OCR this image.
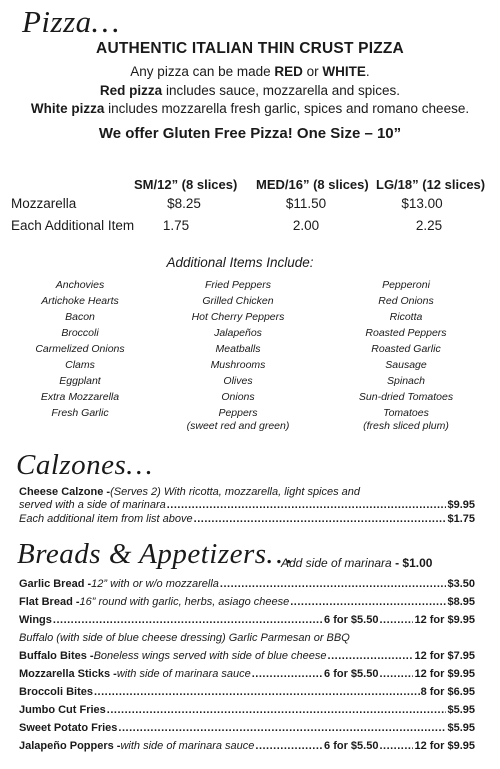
Pizza…
AUTHENTIC ITALIAN THIN CRUST PIZZA
Any pizza can be made RED or WHITE.
Red pizza includes sauce, mozzarella and spices.
White pizza includes mozzarella fresh garlic, spices and romano cheese.
We offer Gluten Free Pizza! One Size – 10”
SM/12” (8 slices) MED/16” (8 slices) LG/18” (12 slices)
Mozzarella	$8.25	$11.50	$13.00
Each Additional Item	1.75	2.00	2.25
Additional Items Include:
Anchovies
Artichoke Hearts
Bacon
Broccoli
Carmelized Onions
Clams
Eggplant
Extra Mozzarella
Fresh Garlic
Fried Peppers
Grilled Chicken
Hot Cherry Peppers
Jalapeños
Meatballs
Mushrooms
Olives
Onions
Peppers
(sweet red and green)
Pepperoni
Red Onions
Ricotta
Roasted Peppers
Roasted Garlic
Sausage
Spinach
Sun-dried Tomatoes
Tomatoes
(fresh sliced plum)
Calzones…
Cheese Calzone - (Serves 2) With ricotta, mozzarella, light spices and
served with a side of marinara .....	$9.95
Each additional item from list above .....	$1.75
Breads & Appetizers…
Add side of marinara - $1.00
Garlic Bread - 12” with or w/o mozzarella .....	$3.50
Flat Bread - 16” round with garlic, herbs, asiago cheese .....	$8.95
Wings .....	6 for $5.50 .....	12 for $9.95
Buffalo (with side of blue cheese dressing) Garlic Parmesan or BBQ
Buffalo Bites - Boneless wings served with side of blue cheese .....	12 for $7.95
Mozzarella Sticks - with side of marinara sauce .....	6 for $5.50 .....	12 for $9.95
Broccoli Bites .....	8 for $6.95
Jumbo Cut Fries .....	$5.95
Sweet Potato Fries .....	$5.95
Jalapeño Poppers - with side of marinara sauce .....	6 for $5.50 .....	12 for $9.95
